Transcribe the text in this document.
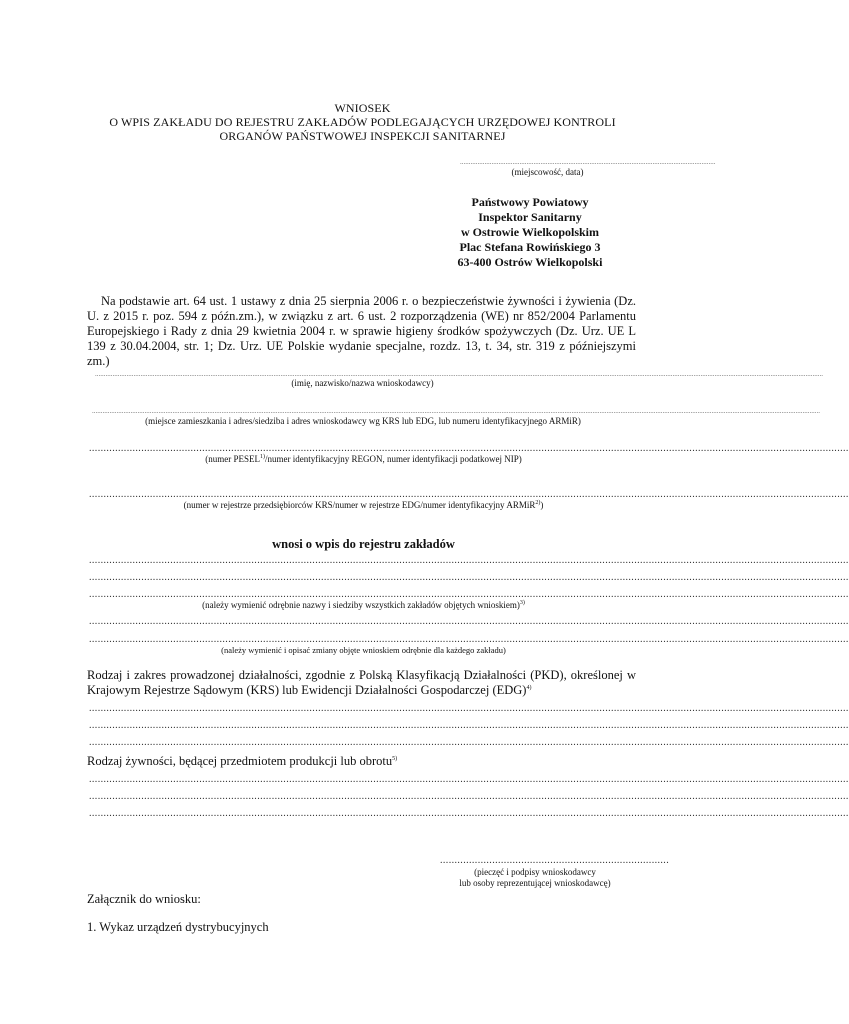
WNIOSEK
O WPIS ZAKŁADU DO REJESTRU ZAKŁADÓW PODLEGAJĄCYCH URZĘDOWEJ KONTROLI
ORGANÓW PAŃSTWOWEJ INSPEKCJI SANITARNEJ
..................................................................................................................................................
(miejscowość, data)
Państwowy Powiatowy
Inspektor Sanitarny
w Ostrowie Wielkopolskim
Plac Stefana Rowińskiego 3
63-400 Ostrów Wielkopolski
Na podstawie art. 64 ust. 1 ustawy z dnia 25 sierpnia 2006 r. o bezpieczeństwie żywności i żywienia (Dz. U. z 2015 r. poz. 594 z późn.zm.), w związku z art. 6 ust. 2 rozporządzenia (WE) nr 852/2004 Parlamentu Europejskiego i Rady z dnia 29 kwietnia 2004 r. w sprawie higieny środków spożywczych (Dz. Urz. UE L 139 z 30.04.2004, str. 1; Dz. Urz. UE Polskie wydanie specjalne, rozdz. 13, t. 34, str. 319 z późniejszymi zm.)
................................................................................................................................................................................................................................................................................................................................................................................................................................
(imię, nazwisko/nazwa wnioskodawcy)
................................................................................................................................................................................................................................................................................................................................................................................................................................
(miejsce zamieszkania i adres/siedziba i adres wnioskodawcy wg KRS lub EDG, lub numeru identyfikacyjnego ARMiR)
......................................................................................................................................................................................................................................................................
(numer PESEL$^{1)}$/numer identyfikacyjny REGON, numer identyfikacji podatkowej NIP)
......................................................................................................................................................................................................................................................................
(numer w rejestrze przedsiębiorców KRS/numer w rejestrze EDG/numer identyfikacyjny ARMiR$^{2)}$)
wnosi o wpis do rejestru zakładów
......................................................................................................................................................................................................................................................................
......................................................................................................................................................................................................................................................................
......................................................................................................................................................................................................................................................................
(należy wymienić odrębnie nazwy i siedziby wszystkich zakładów objętych wnioskiem)$^{3)}$
......................................................................................................................................................................................................................................................................
......................................................................................................................................................................................................................................................................
(należy wymienić i opisać zmiany objęte wnioskiem odrębnie dla każdego zakładu)
Rodzaj i zakres prowadzonej działalności, zgodnie z Polską Klasyfikacją Działalności (PKD), określonej w Krajowym Rejestrze Sądowym (KRS) lub Ewidencji Działalności Gospodarczej (EDG)$^{4)}$
......................................................................................................................................................................................................................................................................
......................................................................................................................................................................................................................................................................
......................................................................................................................................................................................................................................................................
Rodzaj żywności, będącej przedmiotem produkcji lub obrotu$^{5)}$
......................................................................................................................................................................................................................................................................
......................................................................................................................................................................................................................................................................
......................................................................................................................................................................................................................................................................
...............................................................................
(pieczęć i podpisy wnioskodawcy
lub osoby reprezentującej wnioskodawcę)
Załącznik do wniosku:
1. Wykaz urządzeń dystrybucyjnych
